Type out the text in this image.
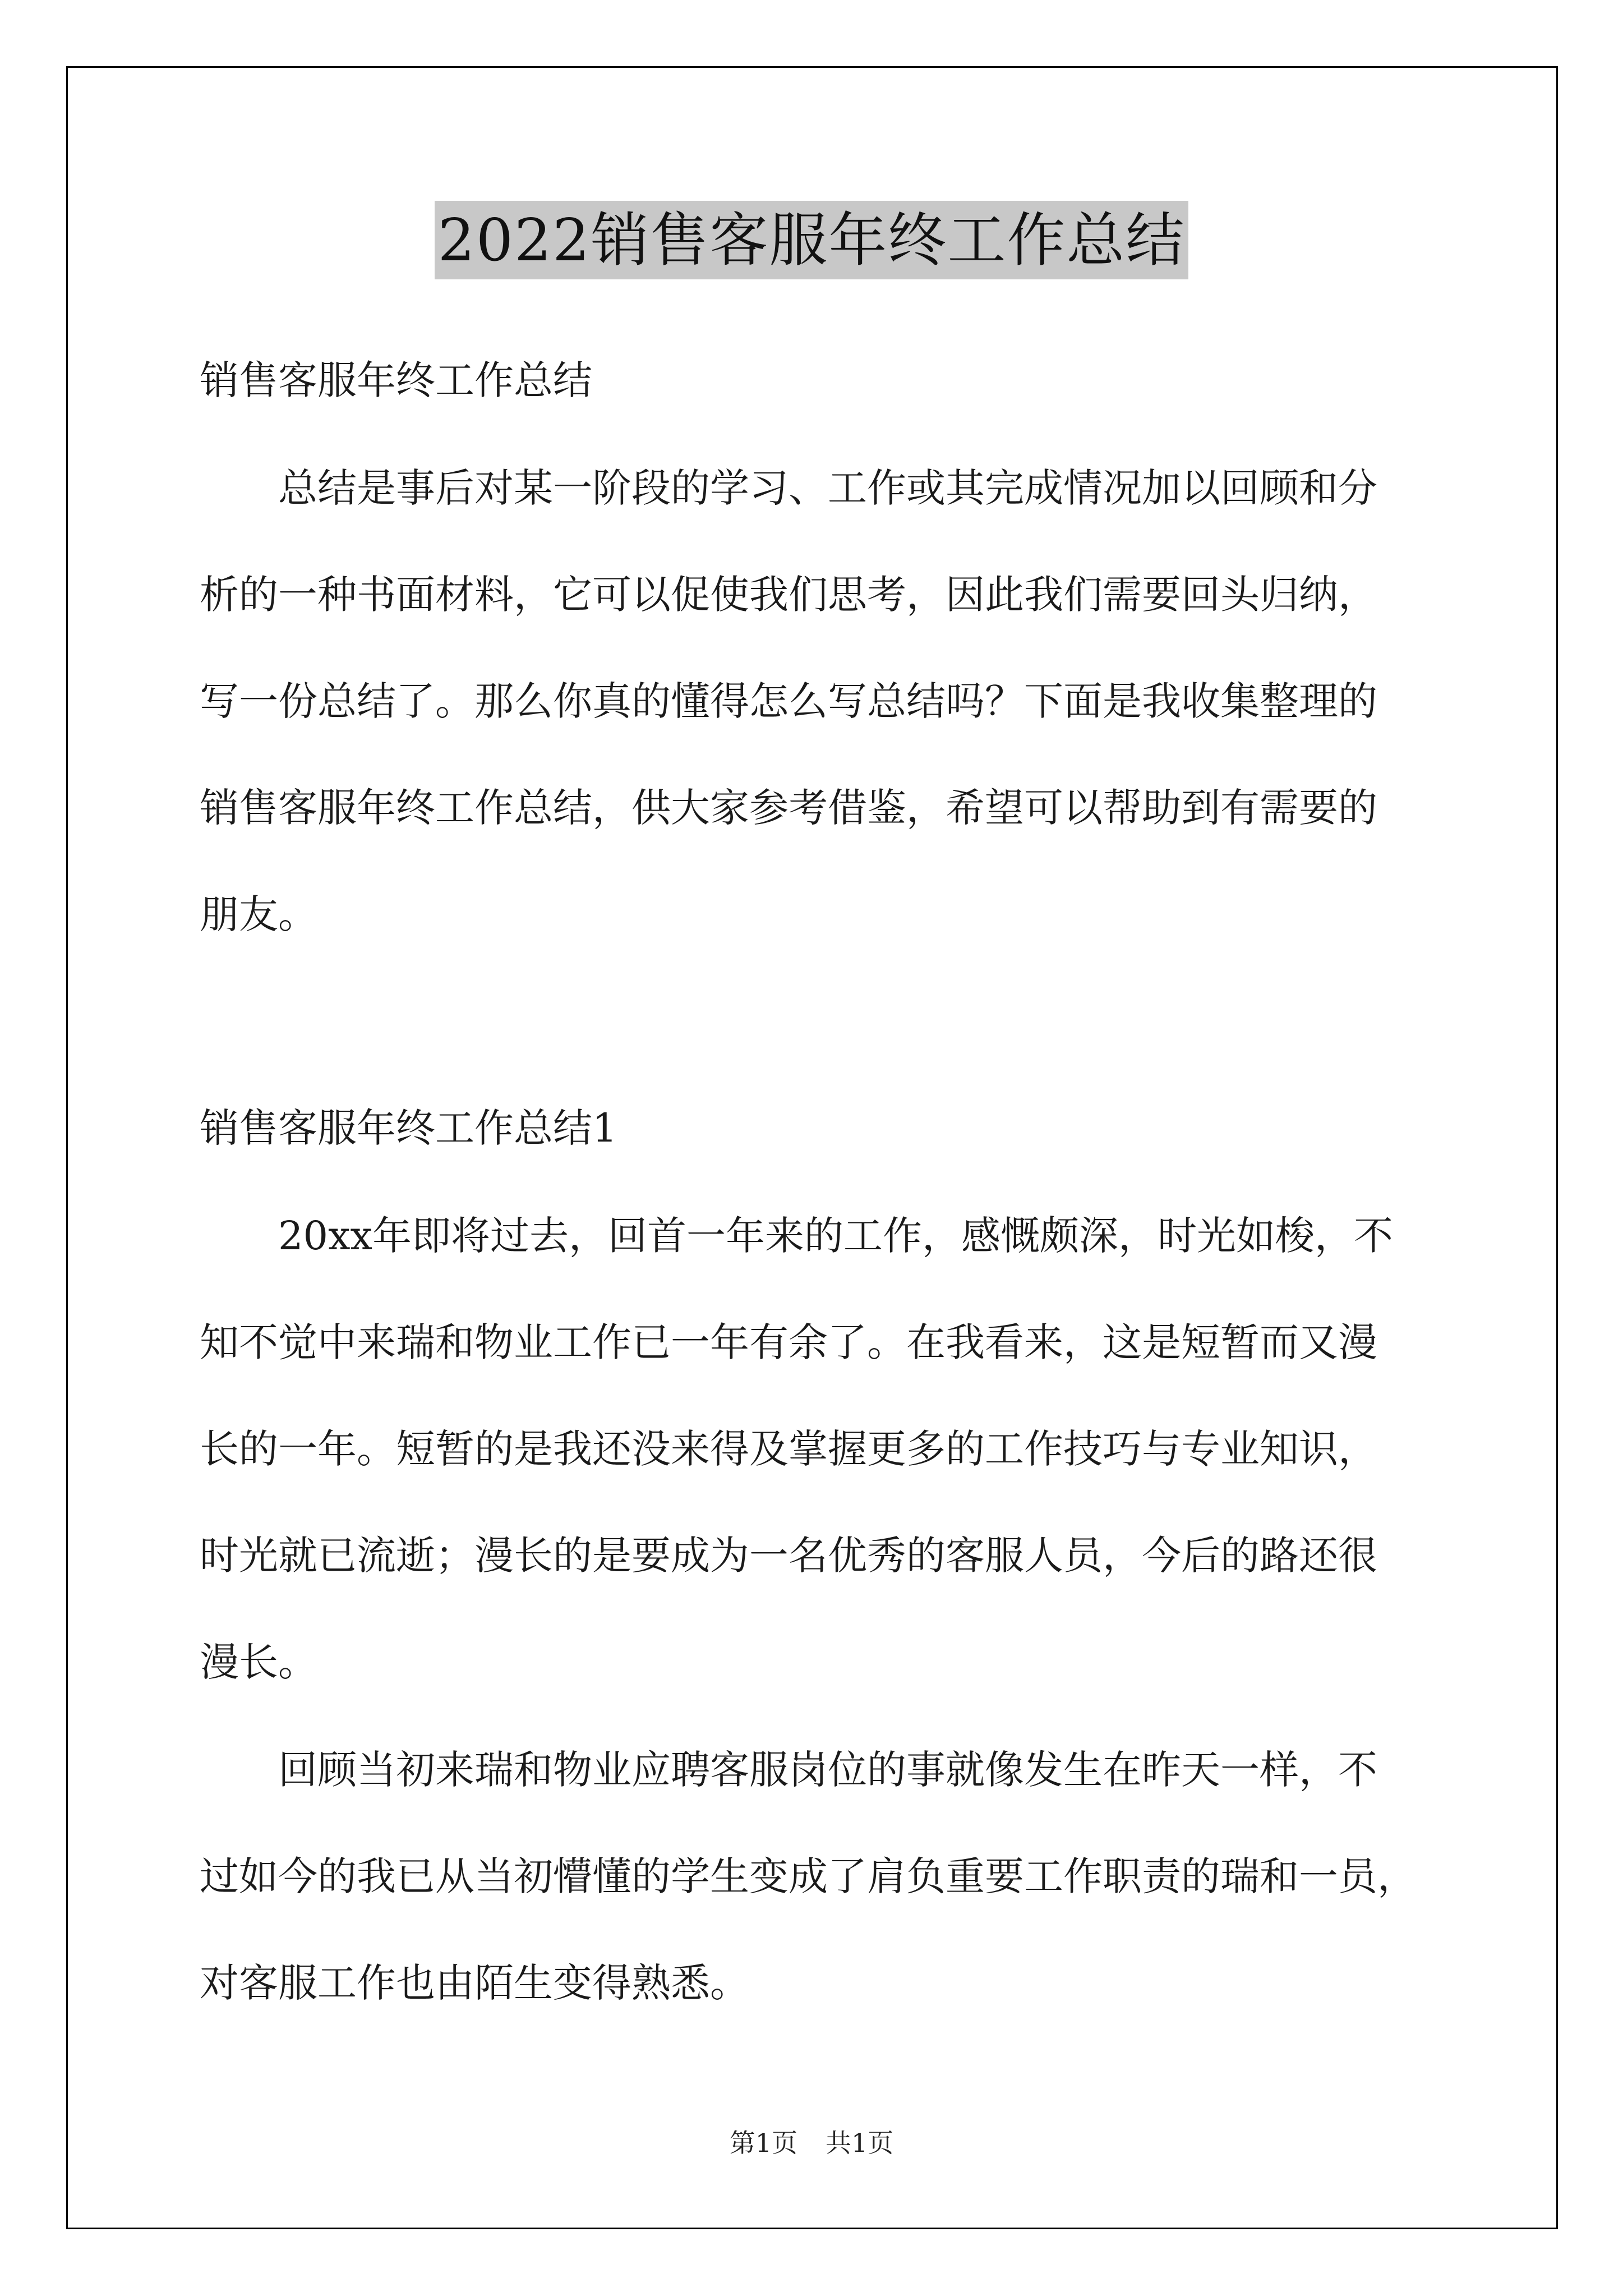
2022销售客服年终工作总结
销售客服年终工作总结
　　总结是事后对某一阶段的学习、工作或其完成情况加以回顾和分
析的一种书面材料，它可以促使我们思考，因此我们需要回头归纳，
写一份总结了。那么你真的懂得怎么写总结吗？下面是我收集整理的
销售客服年终工作总结，供大家参考借鉴，希望可以帮助到有需要的
朋友。
销售客服年终工作总结1
　　20xx年即将过去，回首一年来的工作，感慨颇深，时光如梭，不
知不觉中来瑞和物业工作已一年有余了。在我看来，这是短暂而又漫
长的一年。短暂的是我还没来得及掌握更多的工作技巧与专业知识，
时光就已流逝；漫长的是要成为一名优秀的客服人员，今后的路还很
漫长。
　　回顾当初来瑞和物业应聘客服岗位的事就像发生在昨天一样，不
过如今的我已从当初懵懂的学生变成了肩负重要工作职责的瑞和一员，
对客服工作也由陌生变得熟悉。
第1页 共1页
